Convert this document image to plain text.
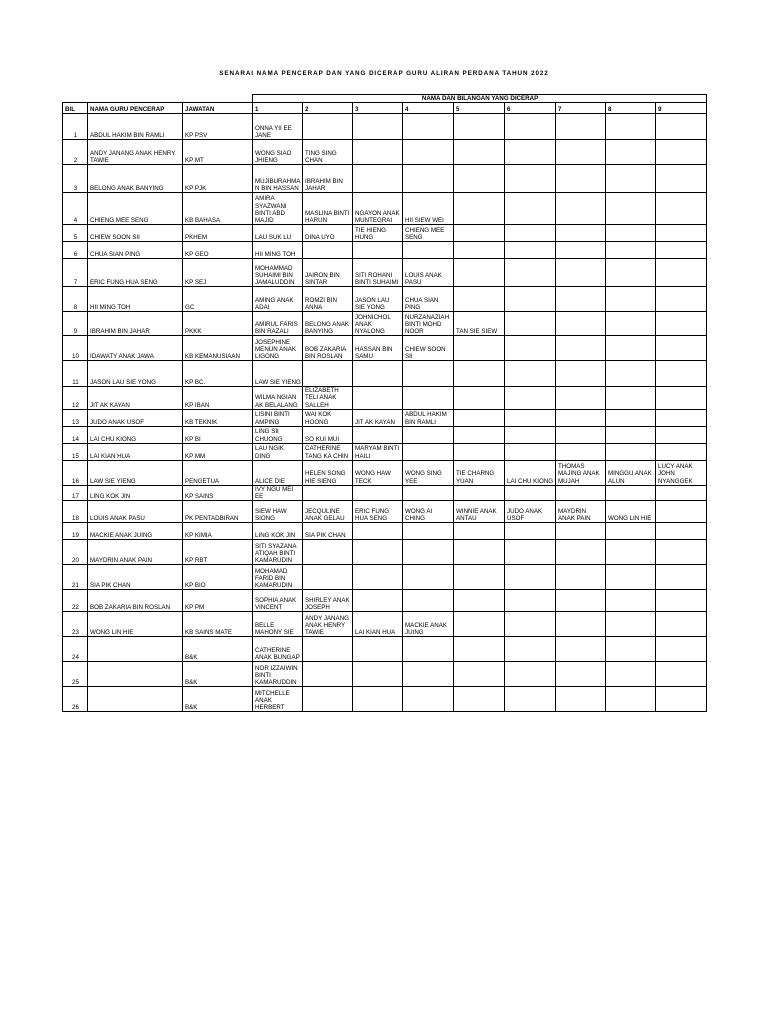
SENARAI NAMA PENCERAP DAN YANG DICERAP GURU ALIRAN PERDANA TAHUN 2022
			NAMA DAN BILANGAN YANG DICERAP								
BIL	NAMA GURU PENCERAP	JAWATAN	1	2	3	4	5	6	7	8	9
1	ABDUL HAKIM BIN RAMLI	KP PSV	ONNA YII EE JANE								
2	ANDY JANANG ANAK HENRY TAWIE	KP MT	WONG SIAO JHIENG	TING SING CHAN							
3	BELONG ANAK BANYING	KP PJK	MUJIBURAHMAN BIN HASSAN	IBRAHIM BIN JAHAR							
4	CHIENG MEE SENG	KB BAHASA	AMIRA SYAZWANI BINTI ABD MAJID	MASLINA BINTI HARUN	NGAYON ANAK MUNTEGRAI	HII SIEW WEI					
5	CHIEW SOON SII	PKHEM	LAU SUK LU	DINA UYO	TIE HIENG HUNG	CHIENG MEE SENG					
6	CHUA SIAN PING	KP GEO	HII MING TOH								
7	ERIC FUNG HUA SENG	KP SEJ	MOHAMMAD SUHAIMI BIN JAMALUDDIN	JAIRON BIN SINTAR	SITI ROHANI BINTI SUHAIMI	LOUIS ANAK PASU					
8	HII MING TOH	GC	AMING ANAK ADAI	ROMZI BIN ANNA	JASON LAU SIE YONG	CHUA SIAN PING					
9	IBRAHIM BIN JAHAR	PKKK	AMIRUL FARIS BIN RAZALI	BELONG ANAK BANYING	JOHNICHOL ANAK NYALONG	NURZANAZIAH BINTI MOHD NOOR	TAN SIE SIEW				
10	IDAWATY ANAK JAWA	KB KEMANUSIAAN	JOSEPHINE MENUN ANAK LIGONG	BOB ZAKARIA BIN ROSLAN	HASSAN BIN SAMU	CHIEW SOON SII					
11	JASON LAU SIE YONG	KP BC.	LAW SIE YIENG								
12	JIT AK KAYAN	KP IBAN	WILMA NGIAN AK BELALANG	ELIZABETH TELI ANAK SALLEH							
13	JUDO ANAK USOF	KB TEKNIK	LISINI BINTI AMPING	WAI KOK HOONG	JIT AK KAYAN	ABDUL HAKIM BIN RAMLI					
14	LAI CHU KIONG	KP BI	LING SII CHUONG	SO KUI MUI							
15	LAI KIAN HUA	KP MM	LAU NGIK DING	CATHERINE TANG KA CHIN	MARYAM BINTI HAILI						
16	LAW SIE YIENG	PENGETUA	ALICE DIE	HELEN SONG HIE SIENG	WONG HAW TECK	WONG SING YEE	TIE CHARNG YUAN	LAI CHU KIONG	THOMAS MAJING ANAK MUJAH	MINGGU ANAK ALUN	LUCY ANAK JOHN NYANGGEK
17	LING KOK JIN	KP SAINS	IVY NGU MEI EE								
18	LOUIS ANAK PASU	PK PENTADBIRAN	SIEW HAW SIONG	JECQULINE ANAK GELAU	ERIC FUNG HUA SENG	WONG AI CHING	WINNIE ANAK ANTAU	JUDO ANAK USOF	MAYDRIN ANAK PAIN	WONG LIN HIE	
19	MACKIE ANAK JUING	KP KIMIA	LING KOK JIN	SIA PIK CHAN							
20	MAYDRIN ANAK PAIN	KP RBT	SITI SYAZANA ATIQAH BINTI KAMARUDIN								
21	SIA PIK CHAN	KP BIO	MOHAMAD FARID BIN KAMARUDIN								
22	BOB ZAKARIA BIN ROSLAN	KP PM	SOPHIA ANAK VINCENT	SHIRLEY ANAK JOSEPH							
23	WONG LIN HIE	KB SAINS MATE	BELLE MAHONY SIE	ANDY JANANG ANAK HENRY TAWIE	LAI KIAN HUA	MACKIE ANAK JUING					
24		B&K	CATHERINE ANAK BUNGAP								
25		B&K	NOR IZZAIWIN BINTI KAMARUDDIN								
26		B&K	MITCHELLE ANAK HERBERT								
